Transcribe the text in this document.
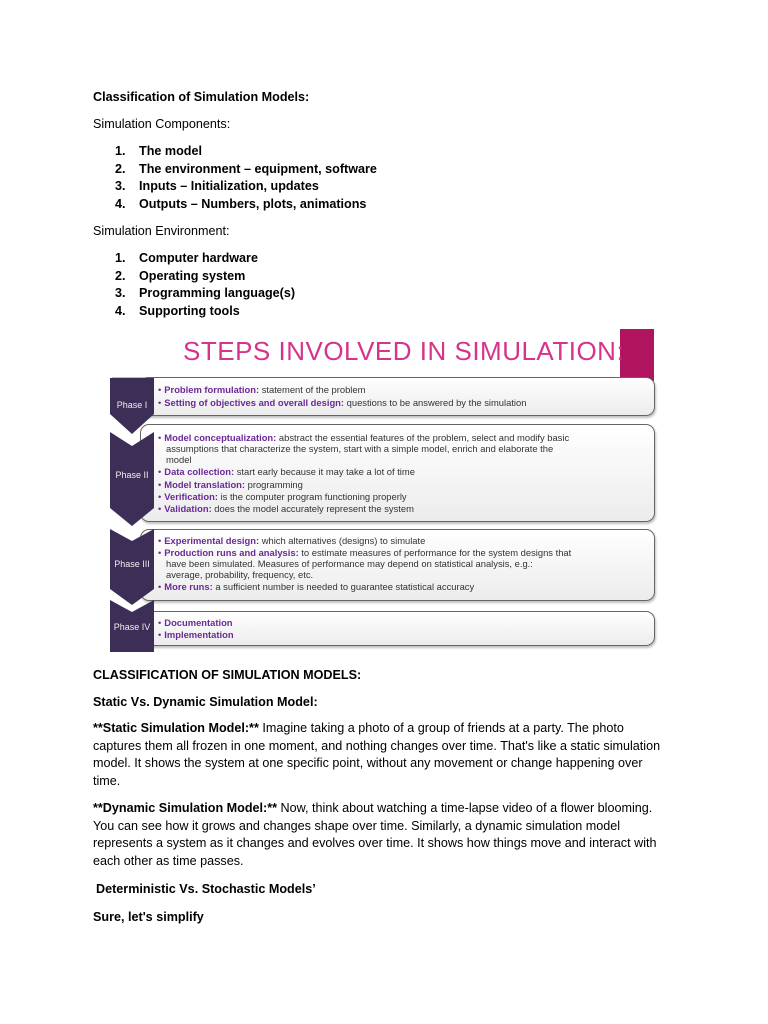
Classification of Simulation Models:
Simulation Components:
1. The model
2. The environment – equipment, software
3. Inputs – Initialization, updates
4. Outputs – Numbers, plots, animations
Simulation Environment:
1. Computer hardware
2. Operating system
3. Programming language(s)
4. Supporting tools
STEPS INVOLVED IN SIMULATION:
Phase I
• Problem formulation: statement of the problem
• Setting of objectives and overall design: questions to be answered by the simulation
Phase II
• Model conceptualization: abstract the essential features of the problem, select and modify basic
assumptions that characterize the system, start with a simple model, enrich and elaborate the
model
• Data collection: start early because it may take a lot of time
• Model translation: programming
• Verification: is the computer program functioning properly
• Validation: does the model accurately represent the system
Phase III
• Experimental design: which alternatives (designs) to simulate
• Production runs and analysis: to estimate measures of performance for the system designs that
have been simulated. Measures of performance may depend on statistical analysis, e.g.:
average, probability, frequency, etc.
• More runs: a sufficient number is needed to guarantee statistical accuracy
Phase IV • Documentation
• Implementation
CLASSIFICATION OF SIMULATION MODELS:
Static Vs. Dynamic Simulation Model:
**Static Simulation Model:** Imagine taking a photo of a group of friends at a party. The photo captures them all frozen in one moment, and nothing changes over time. That's like a static simulation model. It shows the system at one specific point, without any movement or change happening over time.
**Dynamic Simulation Model:** Now, think about watching a time-lapse video of a flower blooming. You can see how it grows and changes shape over time. Similarly, a dynamic simulation model represents a system as it changes and evolves over time. It shows how things move and interact with each other as time passes.
Deterministic Vs. Stochastic Models’
Sure, let's simplify
